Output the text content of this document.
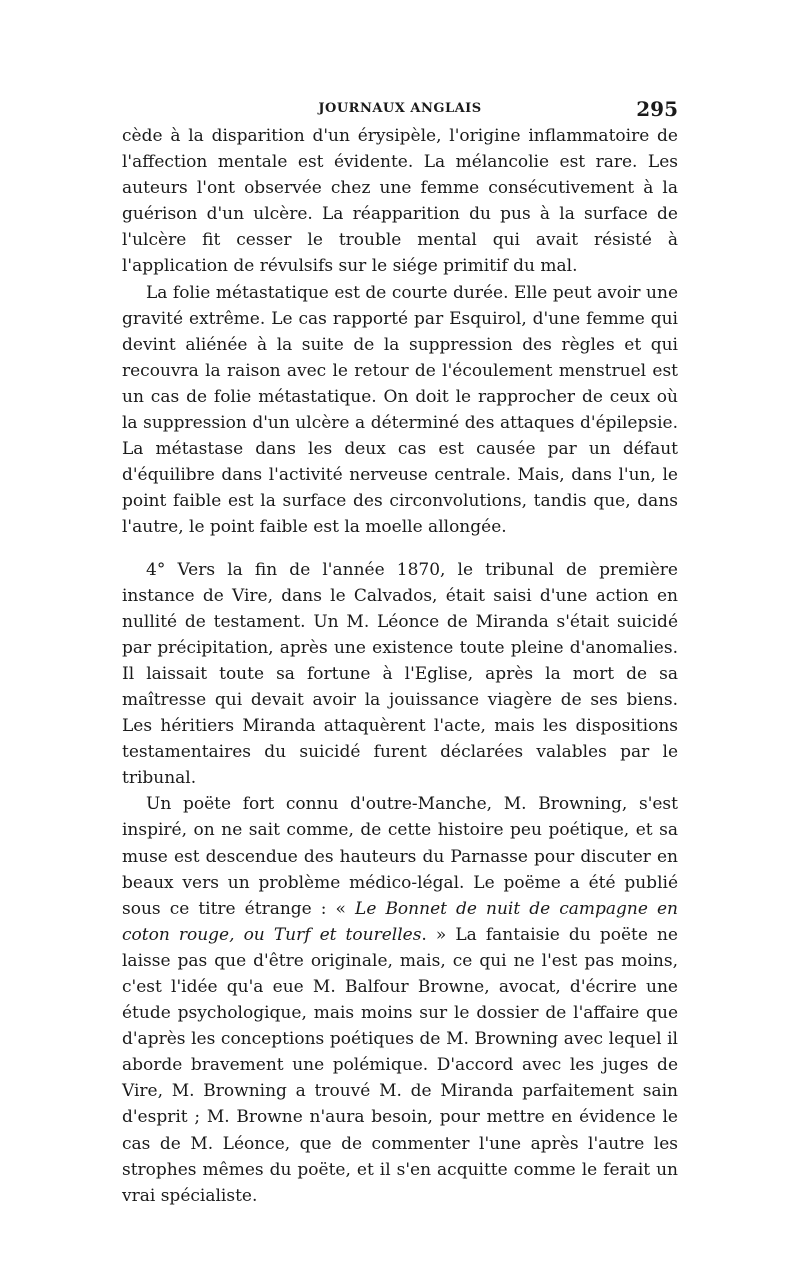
JOURNAUX ANGLAIS	295

cède à la disparition d'un érysipèle, l'origine inflammatoire de l'affection mentale est évidente. La mélancolie est rare. Les auteurs l'ont observée chez une femme consécutivement à la guérison d'un ulcère. La réapparition du pus à la surface de l'ulcère fit cesser le trouble mental qui avait résisté à l'application de révulsifs sur le siége primitif du mal.

La folie métastatique est de courte durée. Elle peut avoir une gravité extrême. Le cas rapporté par Esquirol, d'une femme qui devint aliénée à la suite de la suppression des règles et qui recouvra la raison avec le retour de l'écoulement menstruel est un cas de folie métastatique. On doit le rapprocher de ceux où la suppression d'un ulcère a déterminé des attaques d'épilepsie. La métastase dans les deux cas est causée par un défaut d'équilibre dans l'activité nerveuse centrale. Mais, dans l'un, le point faible est la surface des circonvolutions, tandis que, dans l'autre, le point faible est la moelle allongée.

4° Vers la fin de l'année 1870, le tribunal de première instance de Vire, dans le Calvados, était saisi d'une action en nullité de testament. Un M. Léonce de Miranda s'était suicidé par précipitation, après une existence toute pleine d'anomalies. Il laissait toute sa fortune à l'Eglise, après la mort de sa maîtresse qui devait avoir la jouissance viagère de ses biens. Les héritiers Miranda attaquèrent l'acte, mais les dispositions testamentaires du suicidé furent déclarées valables par le tribunal.

Un poëte fort connu d'outre-Manche, M. Browning, s'est inspiré, on ne sait comme, de cette histoire peu poétique, et sa muse est descendue des hauteurs du Parnasse pour discuter en beaux vers un problème médico-légal. Le poëme a été publié sous ce titre étrange : « Le Bonnet de nuit de campagne en coton rouge, ou Turf et tourelles. » La fantaisie du poëte ne laisse pas que d'être originale, mais, ce qui ne l'est pas moins, c'est l'idée qu'a eue M. Balfour Browne, avocat, d'écrire une étude psychologique, mais moins sur le dossier de l'affaire que d'après les conceptions poétiques de M. Browning avec lequel il aborde bravement une polémique. D'accord avec les juges de Vire, M. Browning a trouvé M. de Miranda parfaitement sain d'esprit ; M. Browne n'aura besoin, pour mettre en évidence le cas de M. Léonce, que de commenter l'une après l'autre les strophes mêmes du poëte, et il s'en acquitte comme le ferait un vrai spécialiste.
